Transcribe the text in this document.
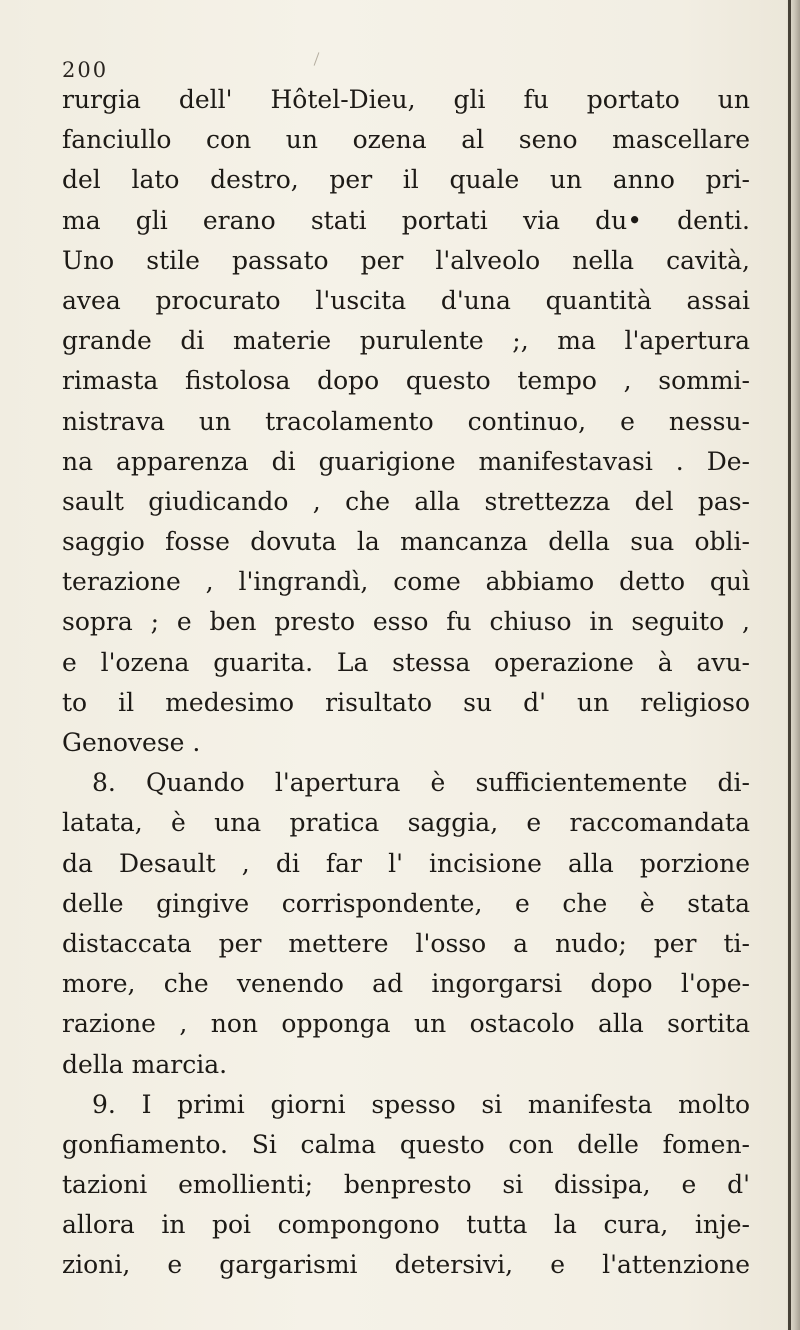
200
rurgia dell' Hôtel-Dieu, gli fu portato un
fanciullo con un ozena al seno mascellare
del lato destro, per il quale un anno pri-
ma gli erano stati portati via du• denti.
Uno stile passato per l'alveolo nella cavità,
avea procurato l'uscita d'una quantità assai
grande di materie purulente ;, ma l'apertura
rimasta fistolosa dopo questo tempo , sommi-
nistrava un tracolamento continuo, e nessu-
na apparenza di guarigione manifestavasi . De-
sault giudicando , che alla strettezza del pas-
saggio fosse dovuta la mancanza della sua obli-
terazione , l'ingrandì, come abbiamo detto quì
sopra ; e ben presto esso fu chiuso in seguito ,
e l'ozena guarita. La stessa operazione à avu-
to il medesimo risultato su d' un religioso
Genovese .
8. Quando l'apertura è sufficientemente di-
latata, è una pratica saggia, e raccomandata
da Desault , di far l' incisione alla porzione
delle gingive corrispondente, e che è stata
distaccata per mettere l'osso a nudo; per ti-
more, che venendo ad ingorgarsi dopo l'ope-
razione , non opponga un ostacolo alla sortita
della marcia.
9. I primi giorni spesso si manifesta molto
gonfiamento. Si calma questo con delle fomen-
tazioni emollienti; benpresto si dissipa, e d'
allora in poi compongono tutta la cura, inje-
zioni, e gargarismi detersivi, e l'attenzione
